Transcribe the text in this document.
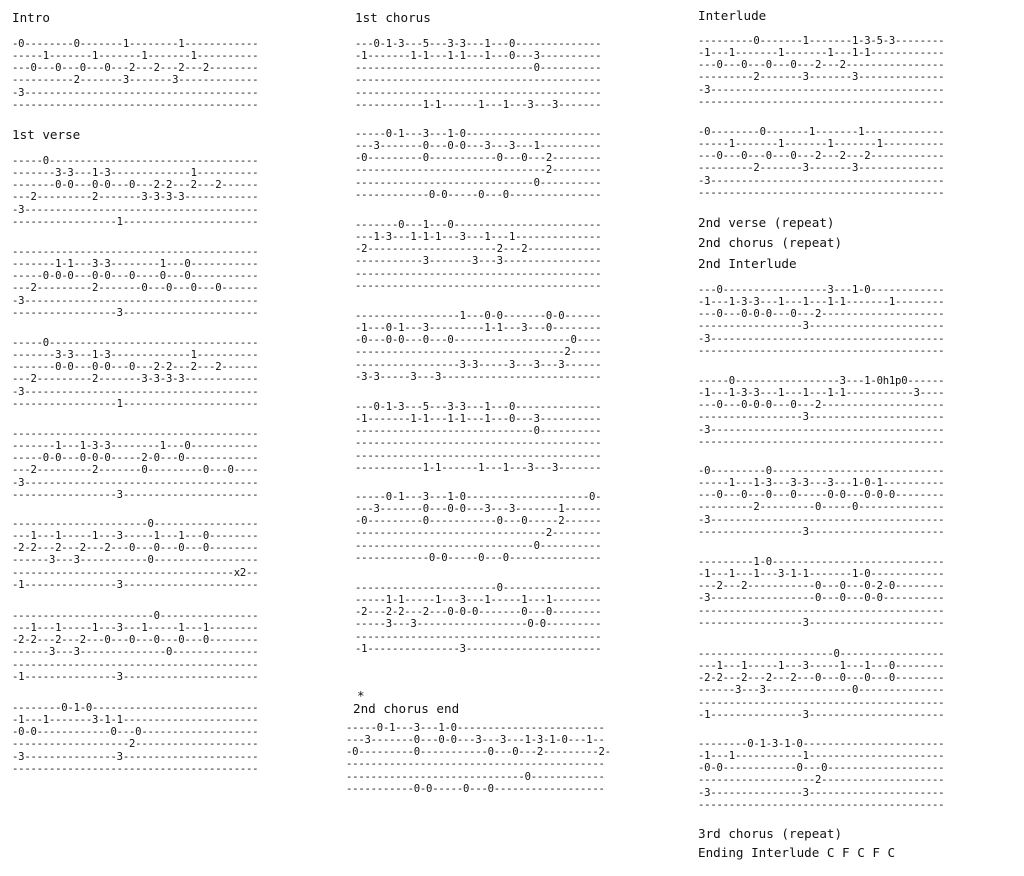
Intro
-0--------0-------1--------1------------
-----1-------1-------1-------1----------
---0---0---0---0---2---2---2---2--------
----------2-------3-------3-------------
-3--------------------------------------
----------------------------------------
1st verse
-----0----------------------------------
-------3-3---1-3-------------1----------
-------0-0---0-0---0---2-2---2---2------
---2---------2-------3-3-3-3------------
-3--------------------------------------
-----------------1----------------------
----------------------------------------
-------1-1---3-3--------1---0-----------
-----0-0-0---0-0---0----0---0-----------
---2---------2-------0---0---0---0------
-3--------------------------------------
-----------------3----------------------
-----0----------------------------------
-------3-3---1-3-------------1----------
-------0-0---0-0---0---2-2---2---2------
---2---------2-------3-3-3-3------------
-3--------------------------------------
-----------------1----------------------
----------------------------------------
-------1---1-3-3--------1---0-----------
-----0-0---0-0-0-----2-0---0------------
---2---------2-------0---------0---0----
-3--------------------------------------
-----------------3----------------------
----------------------0-----------------
---1---1-----1---3-----1---1---0--------
-2-2---2---2---2---0---0---0---0--------
------3---3-----------0-----------------
------------------------------------x2--
-1---------------3----------------------
-----------------------0----------------
---1---1-----1---3---1-----1---1--------
-2-2---2---2---0---0---0---0---0--------
------3---3--------------0--------------
----------------------------------------
-1---------------3----------------------
--------0-1-0---------------------------
-1---1-------3-1-1----------------------
-0-0------------0---0-------------------
-------------------2--------------------
-3---------------3----------------------
----------------------------------------
1st chorus
---0-1-3---5---3-3---1---0--------------
-1-------1-1---1-1---1---0---3----------
-----------------------------0----------
----------------------------------------
----------------------------------------
-----------1-1------1---1---3---3-------
-----0-1---3---1-0----------------------
---3-------0---0-0---3---3---1----------
-0---------0-----------0---0---2--------
-------------------------------2--------
-----------------------------0----------
------------0-0-----0---0---------------
-------0---1---0------------------------
---1-3---1-1-1---3---1---1--------------
-2---------------------2---2------------
-----------3-------3---3----------------
----------------------------------------
----------------------------------------
-----------------1---0-0-------0-0------
-1---0-1---3---------1-1---3---0--------
-0---0-0---0---0-------------------0----
----------------------------------2-----
-----------------3-3-----3---3---3------
-3-3-----3---3--------------------------
---0-1-3---5---3-3---1---0--------------
-1-------1-1---1-1---1---0---3----------
-----------------------------0----------
----------------------------------------
----------------------------------------
-----------1-1------1---1---3---3-------
-----0-1---3---1-0--------------------0-
---3-------0---0-0---3---3-------1------
-0---------0-----------0---0-----2------
-------------------------------2--------
-----------------------------0----------
------------0-0-----0---0---------------
-----------------------0----------------
-----1-1-----1---3---1-----1---1--------
-2---2-2---2---0-0-0-------0---0--------
-----3---3------------------0-0---------
----------------------------------------
-1---------------3----------------------
*
2nd chorus end
-----0-1---3---1-0------------------------
---3-------0---0-0---3---3---1-3-1-0---1--
-0---------0-----------0---0---2---------2-
------------------------------------------
-----------------------------0------------
-----------0-0-----0---0------------------
Interlude
---------0-------1-------1-3-5-3--------
-1---1-------1-------1---1-1------------
---0---0---0---0---2---2----------------
---------2-------3-------3--------------
-3--------------------------------------
----------------------------------------
-0--------0-------1-------1-------------
-----1-------1-------1-------1----------
---0---0---0---0---2---2---2------------
---------2-------3-------3--------------
-3--------------------------------------
----------------------------------------
2nd verse (repeat)
2nd chorus (repeat)
2nd Interlude
---0-----------------3---1-0------------
-1---1-3-3---1---1---1-1-------1--------
---0---0-0-0---0---2--------------------
-----------------3----------------------
-3--------------------------------------
----------------------------------------
-----0-----------------3---1-0h1p0------
-1---1-3-3---1---1---1-1-----------3----
---0---0-0-0---0---2--------------------
-----------------3----------------------
-3--------------------------------------
----------------------------------------
-0---------0----------------------------
-----1---1-3---3-3---3---1-0-1----------
---0---0---0---0-----0-0---0-0-0--------
---------2---------0-----0--------------
-3--------------------------------------
-----------------3----------------------
---------1-0----------------------------
-1---1---1---3-1-1-------1-0------------
---2---2-----------0---0---0-2-0--------
-3-----------------0---0---0-0----------
----------------------------------------
-----------------3----------------------
----------------------0-----------------
---1---1-----1---3-----1---1---0--------
-2-2---2---2---2---0---0---0---0--------
------3---3--------------0--------------
----------------------------------------
-1---------------3----------------------
--------0-1-3-1-0-----------------------
-1---1-----------1----------------------
-0-0------------0---0-------------------
-------------------2--------------------
-3---------------3----------------------
----------------------------------------
3rd chorus (repeat)
Ending Interlude C F C F C
